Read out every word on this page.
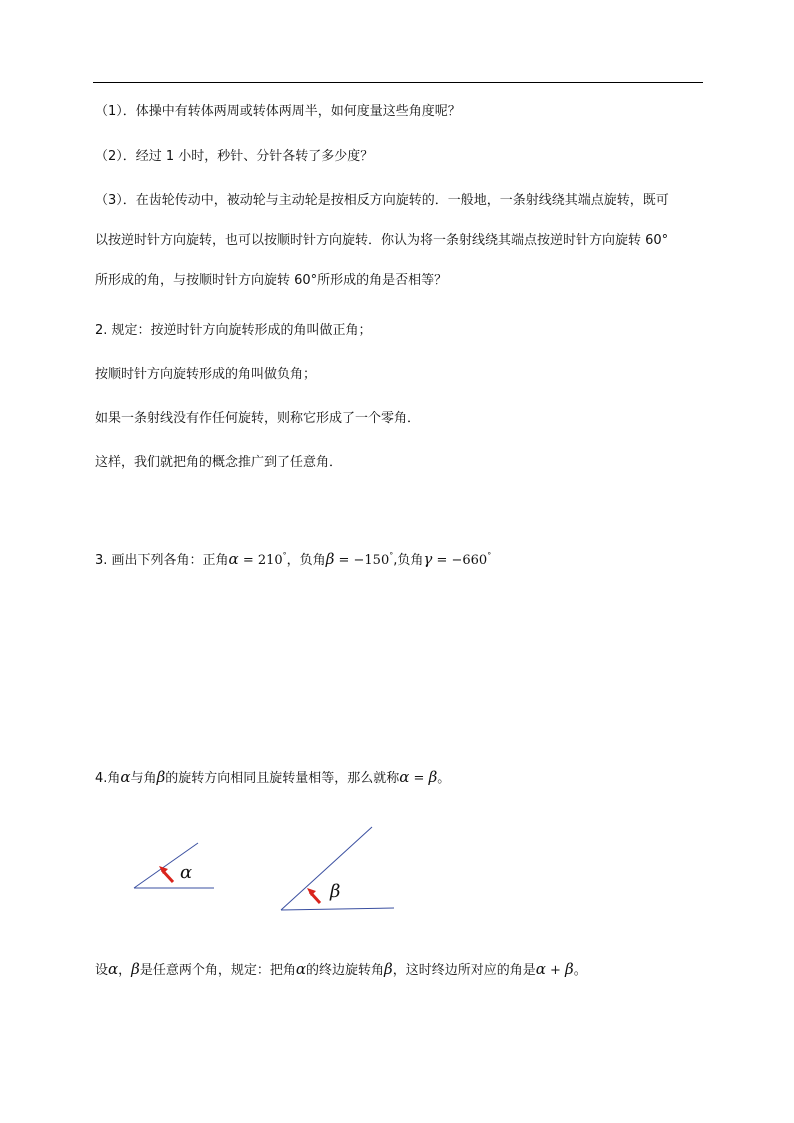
（1）．体操中有转体两周或转体两周半，如何度量这些角度呢？
（2）．经过 1 小时，秒针、分针各转了多少度？
（3）．在齿轮传动中，被动轮与主动轮是按相反方向旋转的．一般地，一条射线绕其端点旋转，既可
以按逆时针方向旋转，也可以按顺时针方向旋转．你认为将一条射线绕其端点按逆时针方向旋转 60°
所形成的角，与按顺时针方向旋转 60°所形成的角是否相等？
2. 规定：按逆时针方向旋转形成的角叫做正角；
按顺时针方向旋转形成的角叫做负角；
如果一条射线没有作任何旋转，则称它形成了一个零角．
这样，我们就把角的概念推广到了任意角．
3. 画出下列各角：正角α = 210°，负角β = −150°,负角γ = −660°
4.角α与角β的旋转方向相同且旋转量相等，那么就称α = β。
α
β
设α，β是任意两个角，规定：把角α的终边旋转角β，这时终边所对应的角是α + β。
